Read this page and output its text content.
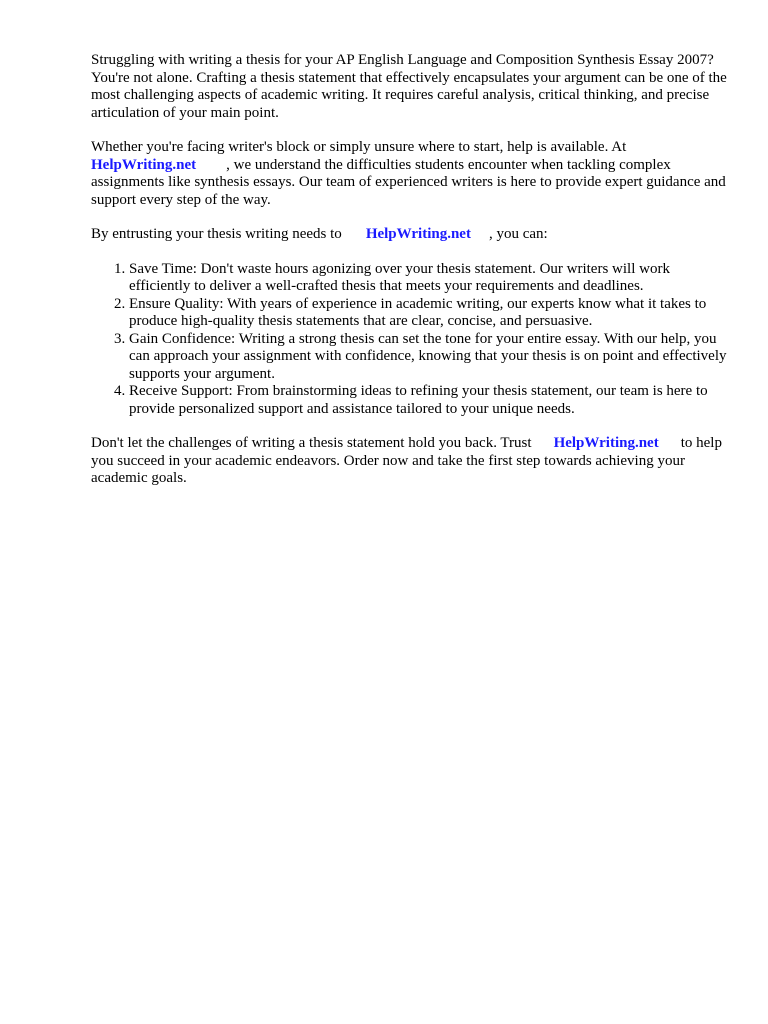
Struggling with writing a thesis for your AP English Language and Composition Synthesis Essay 2007? You're not alone. Crafting a thesis statement that effectively encapsulates your argument can be one of the most challenging aspects of academic writing. It requires careful analysis, critical thinking, and precise articulation of your main point.

Whether you're facing writer's block or simply unsure where to start, help is available. At
HelpWriting.net , we understand the difficulties students encounter when tackling complex assignments like synthesis essays. Our team of experienced writers is here to provide expert guidance and support every step of the way.

By entrusting your thesis writing needs to HelpWriting.net , you can:

1. Save Time: Don't waste hours agonizing over your thesis statement. Our writers will work efficiently to deliver a well-crafted thesis that meets your requirements and deadlines.
2. Ensure Quality: With years of experience in academic writing, our experts know what it takes to produce high-quality thesis statements that are clear, concise, and persuasive.
3. Gain Confidence: Writing a strong thesis can set the tone for your entire essay. With our help, you can approach your assignment with confidence, knowing that your thesis is on point and effectively supports your argument.
4. Receive Support: From brainstorming ideas to refining your thesis statement, our team is here to provide personalized support and assistance tailored to your unique needs.

Don't let the challenges of writing a thesis statement hold you back. Trust HelpWriting.net to help you succeed in your academic endeavors. Order now and take the first step towards achieving your academic goals.
